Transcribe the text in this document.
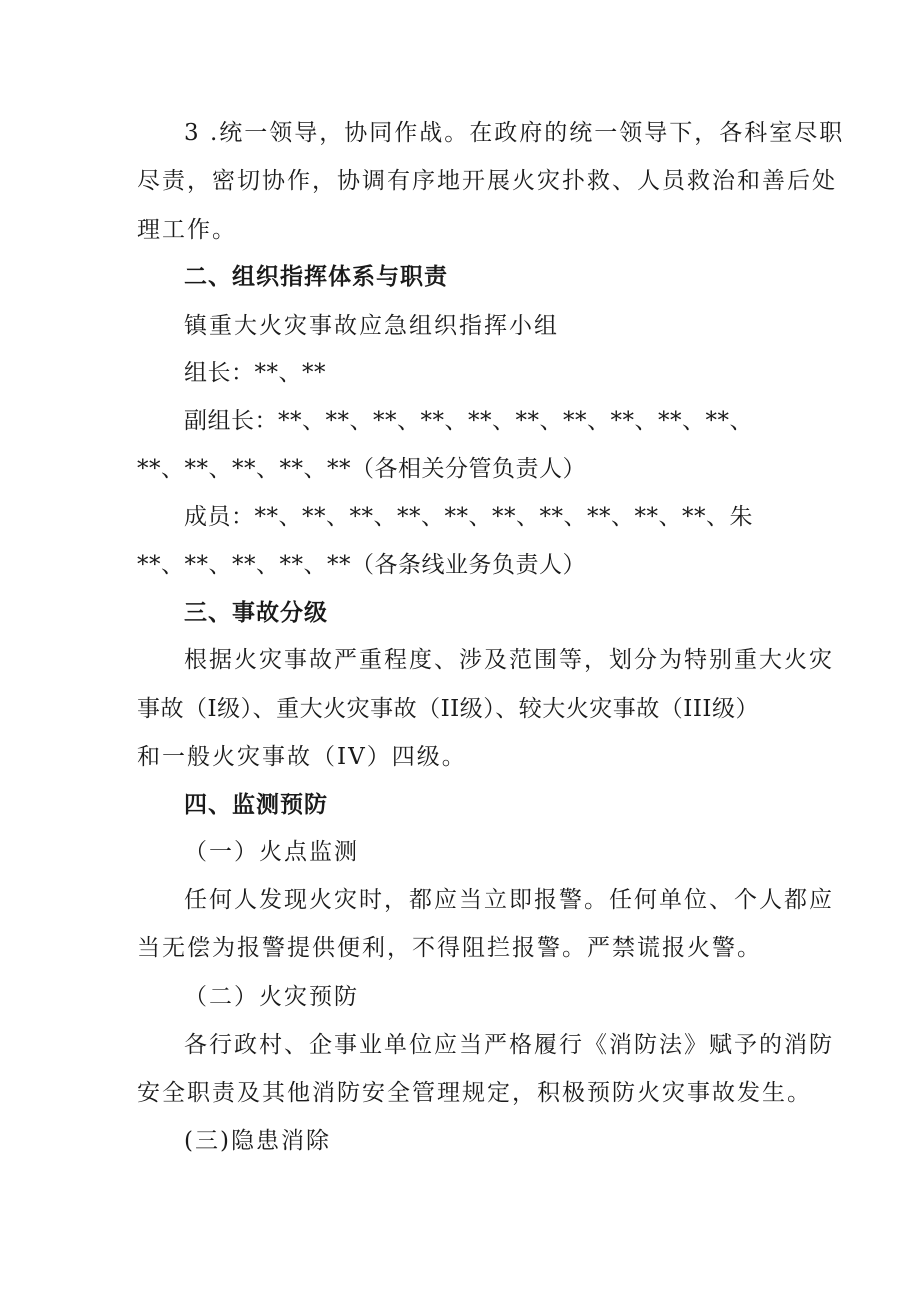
3 .统一领导，协同作战。在政府的统一领导下，各科室尽职
尽责，密切协作，协调有序地开展火灾扑救、人员救治和善后处
理工作。
二、组织指挥体系与职责
镇重大火灾事故应急组织指挥小组
组长：**、**
副组长：**、**、**、**、**、**、**、**、**、**、
**、**、**、**、**（各相关分管负责人）
成员：**、**、**、**、**、**、**、**、**、**、朱
**、**、**、**、**（各条线业务负责人）
三、事故分级
根据火灾事故严重程度、涉及范围等，划分为特别重大火灾
事故（I级）、重大火灾事故（II级）、较大火灾事故（III级）
和一般火灾事故（IV）四级。
四、监测预防
（一）火点监测
任何人发现火灾时，都应当立即报警。任何单位、个人都应
当无偿为报警提供便利，不得阻拦报警。严禁谎报火警。
（二）火灾预防
各行政村、企事业单位应当严格履行《消防法》赋予的消防
安全职责及其他消防安全管理规定，积极预防火灾事故发生。
(三)隐患消除
